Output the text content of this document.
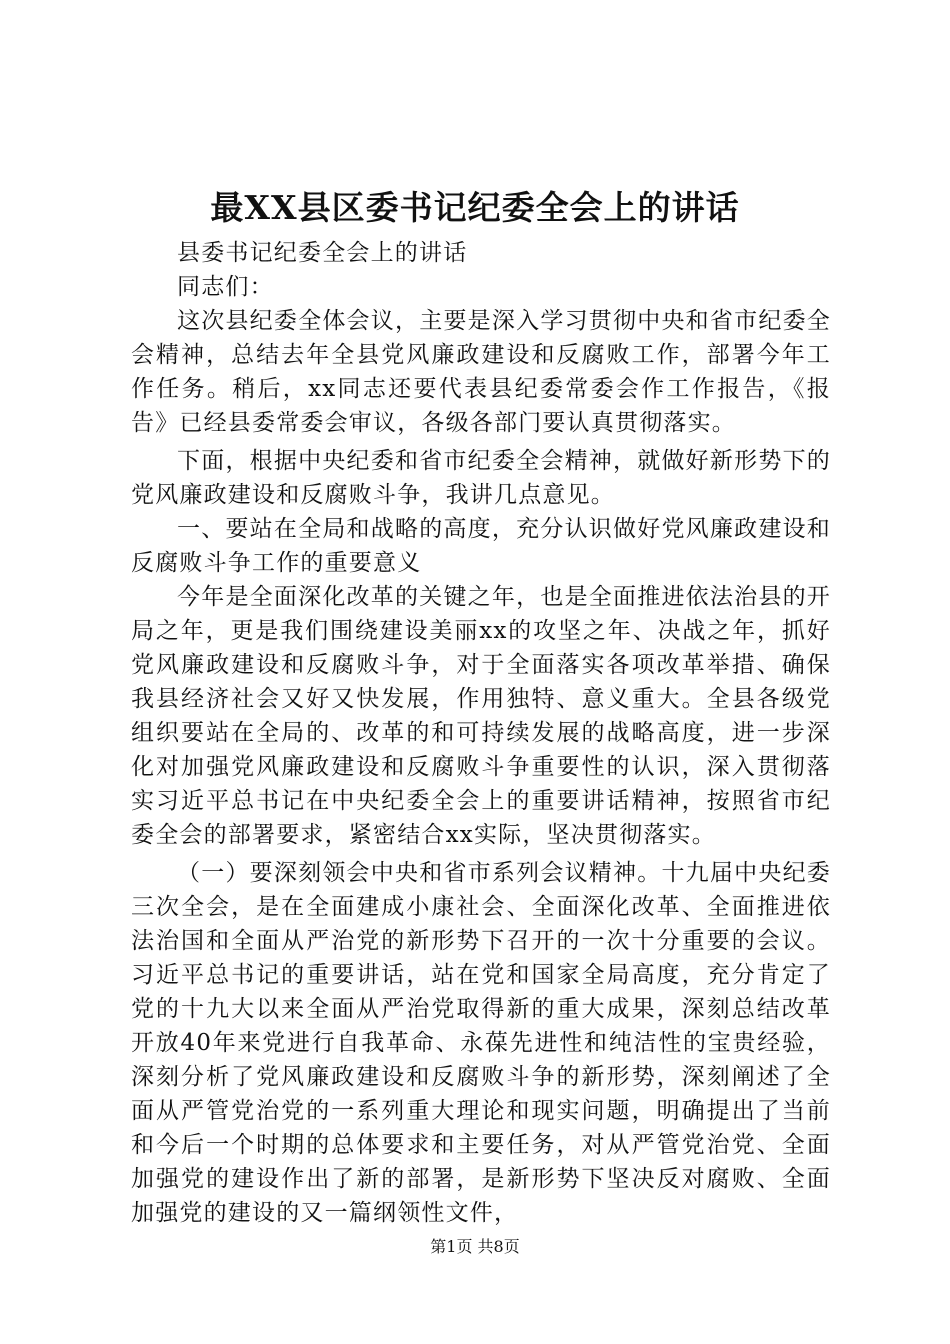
最XX县区委书记纪委全会上的讲话

县委书记纪委全会上的讲话

同志们：

这次县纪委全体会议，主要是深入学习贯彻中央和省市纪委全会精神，总结去年全县党风廉政建设和反腐败工作，部署今年工作任务。稍后，xx同志还要代表县纪委常委会作工作报告，《报告》已经县委常委会审议，各级各部门要认真贯彻落实。

下面，根据中央纪委和省市纪委全会精神，就做好新形势下的党风廉政建设和反腐败斗争，我讲几点意见。

一、要站在全局和战略的高度，充分认识做好党风廉政建设和反腐败斗争工作的重要意义

今年是全面深化改革的关键之年，也是全面推进依法治县的开局之年，更是我们围绕建设美丽xx的攻坚之年、决战之年，抓好党风廉政建设和反腐败斗争，对于全面落实各项改革举措、确保我县经济社会又好又快发展，作用独特、意义重大。全县各级党组织要站在全局的、改革的和可持续发展的战略高度，进一步深化对加强党风廉政建设和反腐败斗争重要性的认识，深入贯彻落实习近平总书记在中央纪委全会上的重要讲话精神，按照省市纪委全会的部署要求，紧密结合xx实际，坚决贯彻落实。

（一）要深刻领会中央和省市系列会议精神。十九届中央纪委三次全会，是在全面建成小康社会、全面深化改革、全面推进依法治国和全面从严治党的新形势下召开的一次十分重要的会议。习近平总书记的重要讲话，站在党和国家全局高度，充分肯定了党的十九大以来全面从严治党取得新的重大成果，深刻总结改革开放40年来党进行自我革命、永葆先进性和纯洁性的宝贵经验，深刻分析了党风廉政建设和反腐败斗争的新形势，深刻阐述了全面从严管党治党的一系列重大理论和现实问题，明确提出了当前和今后一个时期的总体要求和主要任务，对从严管党治党、全面加强党的建设作出了新的部署，是新形势下坚决反对腐败、全面加强党的建设的又一篇纲领性文件，

第1页 共8页
